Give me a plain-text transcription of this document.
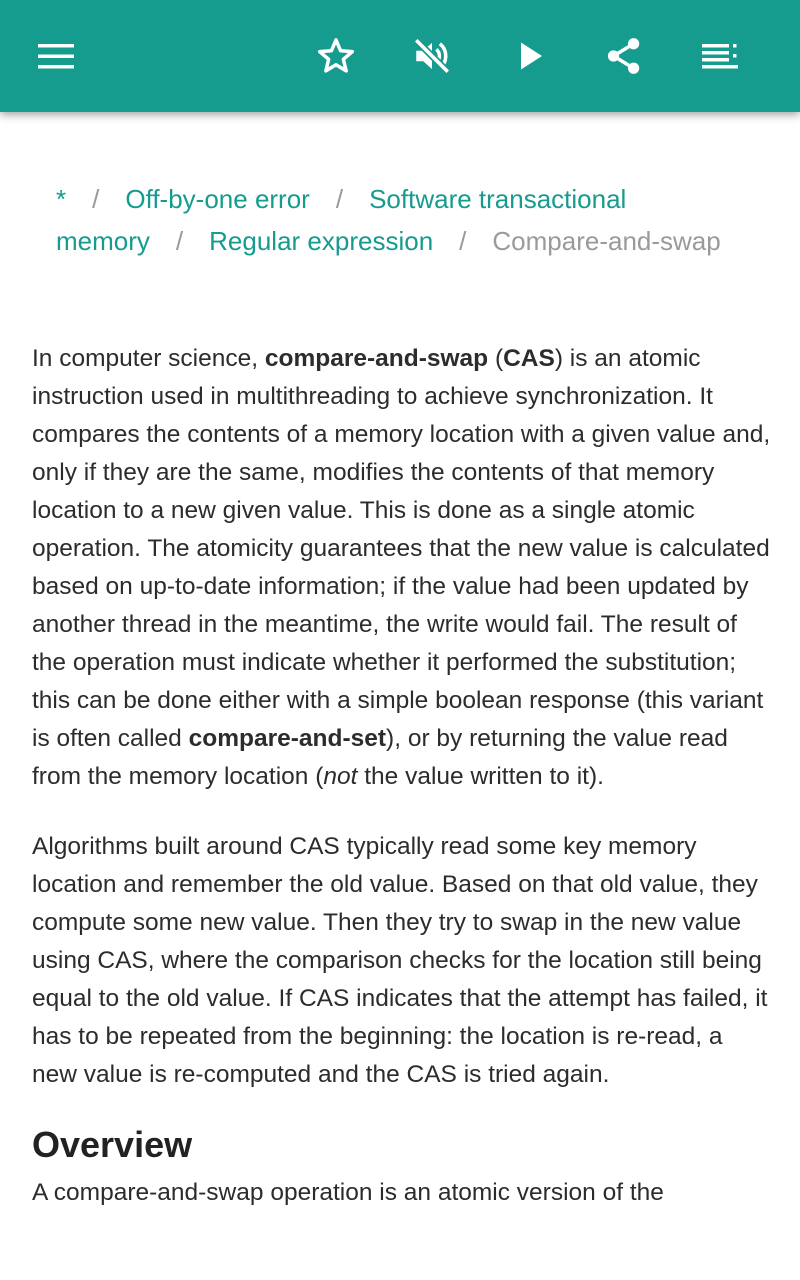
* / Off-by-one error / Software transactional memory / Regular expression / Compare-and-swap

In computer science, compare-and-swap (CAS) is an atomic instruction used in multithreading to achieve synchronization. It compares the contents of a memory location with a given value and, only if they are the same, modifies the contents of that memory location to a new given value. This is done as a single atomic operation. The atomicity guarantees that the new value is calculated based on up-to-date information; if the value had been updated by another thread in the meantime, the write would fail. The result of the operation must indicate whether it performed the substitution; this can be done either with a simple boolean response (this variant is often called compare-and-set), or by returning the value read from the memory location (not the value written to it).

Algorithms built around CAS typically read some key memory location and remember the old value. Based on that old value, they compute some new value. Then they try to swap in the new value using CAS, where the comparison checks for the location still being equal to the old value. If CAS indicates that the attempt has failed, it has to be repeated from the beginning: the location is re-read, a new value is re-computed and the CAS is tried again.

Overview

A compare-and-swap operation is an atomic version of the
